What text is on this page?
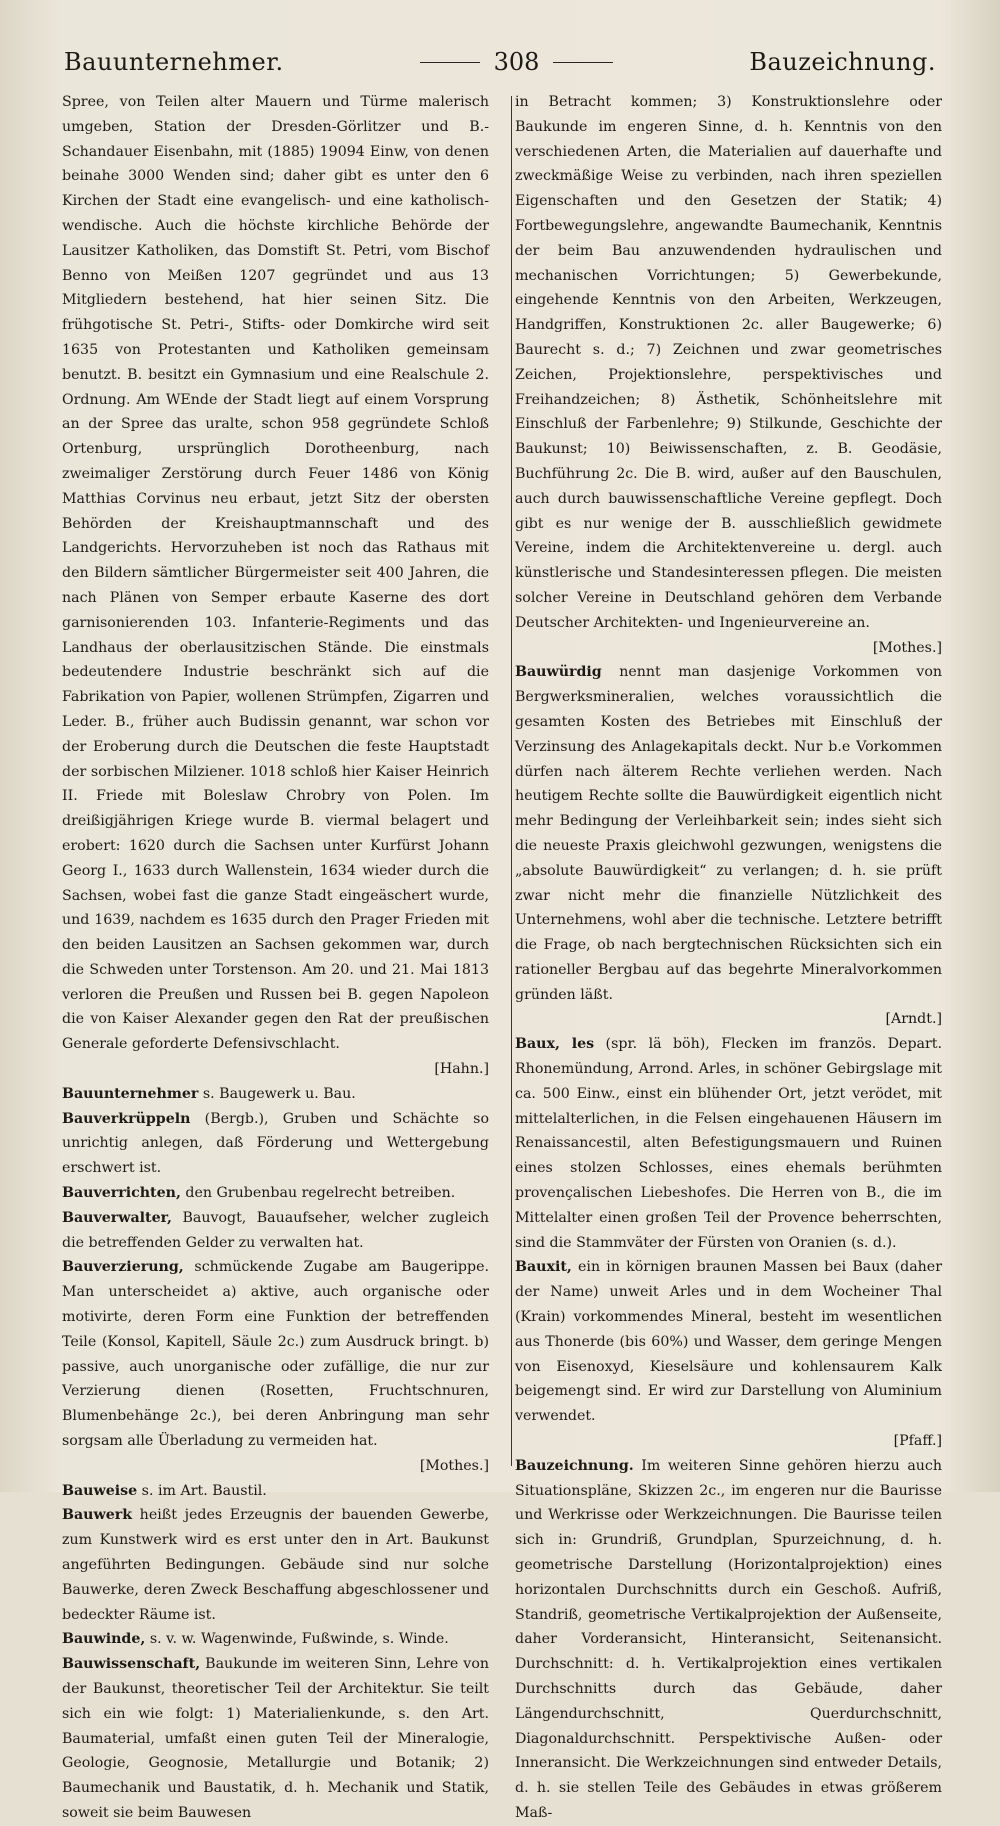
Bauunternehmer.	308	Bauzeichnung.

Spree, von Teilen alter Mauern und Türme malerisch umgeben, Station der Dresden-Görlitzer und B.-Schandauer Eisenbahn, mit (1885) 19094 Einw, von denen beinahe 3000 Wenden sind; daher gibt es unter den 6 Kirchen der Stadt eine evangelisch- und eine katholisch-wendische. Auch die höchste kirchliche Behörde der Lausitzer Katholiken, das Domstift St. Petri, vom Bischof Benno von Meißen 1207 gegründet und aus 13 Mitgliedern bestehend, hat hier seinen Sitz. Die frühgotische St. Petri-, Stifts- oder Domkirche wird seit 1635 von Protestanten und Katholiken gemeinsam benutzt. B. besitzt ein Gymnasium und eine Realschule 2. Ordnung. Am WEnde der Stadt liegt auf einem Vorsprung an der Spree das uralte, schon 958 gegründete Schloß Ortenburg, ursprünglich Dorotheenburg, nach zweimaliger Zerstörung durch Feuer 1486 von König Matthias Corvinus neu erbaut, jetzt Sitz der obersten Behörden der Kreishauptmannschaft und des Landgerichts. Hervorzuheben ist noch das Rathaus mit den Bildern sämtlicher Bürgermeister seit 400 Jahren, die nach Plänen von Semper erbaute Kaserne des dort garnisonierenden 103. Infanterie-Regiments und das Landhaus der oberlausitzischen Stände. Die einstmals bedeutendere Industrie beschränkt sich auf die Fabrikation von Papier, wollenen Strümpfen, Zigarren und Leder. B., früher auch Budissin genannt, war schon vor der Eroberung durch die Deutschen die feste Hauptstadt der sorbischen Milziener. 1018 schloß hier Kaiser Heinrich II. Friede mit Boleslaw Chrobry von Polen. Im dreißigjährigen Kriege wurde B. viermal belagert und erobert: 1620 durch die Sachsen unter Kurfürst Johann Georg I., 1633 durch Wallenstein, 1634 wieder durch die Sachsen, wobei fast die ganze Stadt eingeäschert wurde, und 1639, nachdem es 1635 durch den Prager Frieden mit den beiden Lausitzen an Sachsen gekommen war, durch die Schweden unter Torstenson. Am 20. und 21. Mai 1813 verloren die Preußen und Russen bei B. gegen Napoleon die von Kaiser Alexander gegen den Rat der preußischen Generale geforderte Defensivschlacht.
[Hahn.]

Bauunternehmer s. Baugewerk u. Bau.

Bauverkrüppeln (Bergb.), Gruben und Schächte so unrichtig anlegen, daß Förderung und Wettergebung erschwert ist.

Bauverrichten, den Grubenbau regelrecht betreiben.

Bauverwalter, Bauvogt, Bauaufseher, welcher zugleich die betreffenden Gelder zu verwalten hat.

Bauverzierung, schmückende Zugabe am Baugerippe. Man unterscheidet a) aktive, auch organische oder motivirte, deren Form eine Funktion der betreffenden Teile (Konsol, Kapitell, Säule 2c.) zum Ausdruck bringt. b) passive, auch unorganische oder zufällige, die nur zur Verzierung dienen (Rosetten, Fruchtschnuren, Blumenbehänge 2c.), bei deren Anbringung man sehr sorgsam alle Überladung zu vermeiden hat.
[Mothes.]

Bauweise s. im Art. Baustil.

Bauwerk heißt jedes Erzeugnis der bauenden Gewerbe, zum Kunstwerk wird es erst unter den in Art. Baukunst angeführten Bedingungen. Gebäude sind nur solche Bauwerke, deren Zweck Beschaffung abgeschlossener und bedeckter Räume ist.

Bauwinde, s. v. w. Wagenwinde, Fußwinde, s. Winde.

Bauwissenschaft, Baukunde im weiteren Sinn, Lehre von der Baukunst, theoretischer Teil der Architektur. Sie teilt sich ein wie folgt: 1) Materialienkunde, s. den Art. Baumaterial, umfaßt einen guten Teil der Mineralogie, Geologie, Geognosie, Metallurgie und Botanik; 2) Baumechanik und Baustatik, d. h. Mechanik und Statik, soweit sie beim Bauwesen

in Betracht kommen; 3) Konstruktionslehre oder Baukunde im engeren Sinne, d. h. Kenntnis von den verschiedenen Arten, die Materialien auf dauerhafte und zweckmäßige Weise zu verbinden, nach ihren speziellen Eigenschaften und den Gesetzen der Statik; 4) Fortbewegungslehre, angewandte Baumechanik, Kenntnis der beim Bau anzuwendenden hydraulischen und mechanischen Vorrichtungen; 5) Gewerbekunde, eingehende Kenntnis von den Arbeiten, Werkzeugen, Handgriffen, Konstruktionen 2c. aller Baugewerke; 6) Baurecht s. d.; 7) Zeichnen und zwar geometrisches Zeichen, Projektionslehre, perspektivisches und Freihandzeichen; 8) Ästhetik, Schönheitslehre mit Einschluß der Farbenlehre; 9) Stilkunde, Geschichte der Baukunst; 10) Beiwissenschaften, z. B. Geodäsie, Buchführung 2c. Die B. wird, außer auf den Bauschulen, auch durch bauwissenschaftliche Vereine gepflegt. Doch gibt es nur wenige der B. ausschließlich gewidmete Vereine, indem die Architektenvereine u. dergl. auch künstlerische und Standesinteressen pflegen. Die meisten solcher Vereine in Deutschland gehören dem Verbande Deutscher Architekten- und Ingenieurvereine an.
[Mothes.]

Bauwürdig nennt man dasjenige Vorkommen von Bergwerksmineralien, welches voraussichtlich die gesamten Kosten des Betriebes mit Einschluß der Verzinsung des Anlagekapitals deckt. Nur b.e Vorkommen dürfen nach älterem Rechte verliehen werden. Nach heutigem Rechte sollte die Bauwürdigkeit eigentlich nicht mehr Bedingung der Verleihbarkeit sein; indes sieht sich die neueste Praxis gleichwohl gezwungen, wenigstens die „absolute Bauwürdigkeit“ zu verlangen; d. h. sie prüft zwar nicht mehr die finanzielle Nützlichkeit des Unternehmens, wohl aber die technische. Letztere betrifft die Frage, ob nach bergtechnischen Rücksichten sich ein rationeller Bergbau auf das begehrte Mineralvorkommen gründen läßt.
[Arndt.]

Baux, les (spr. lä böh), Flecken im französ. Depart. Rhonemündung, Arrond. Arles, in schöner Gebirgslage mit ca. 500 Einw., einst ein blühender Ort, jetzt verödet, mit mittelalterlichen, in die Felsen eingehauenen Häusern im Renaissancestil, alten Befestigungsmauern und Ruinen eines stolzen Schlosses, eines ehemals berühmten provençalischen Liebeshofes. Die Herren von B., die im Mittelalter einen großen Teil der Provence beherrschten, sind die Stammväter der Fürsten von Oranien (s. d.).

Bauxit, ein in körnigen braunen Massen bei Baux (daher der Name) unweit Arles und in dem Wocheiner Thal (Krain) vorkommendes Mineral, besteht im wesentlichen aus Thonerde (bis 60%) und Wasser, dem geringe Mengen von Eisenoxyd, Kieselsäure und kohlensaurem Kalk beigemengt sind. Er wird zur Darstellung von Aluminium verwendet.
[Pfaff.]

Bauzeichnung. Im weiteren Sinne gehören hierzu auch Situationspläne, Skizzen 2c., im engeren nur die Baurisse und Werkrisse oder Werkzeichnungen. Die Baurisse teilen sich in: Grundriß, Grundplan, Spurzeichnung, d. h. geometrische Darstellung (Horizontalprojektion) eines horizontalen Durchschnitts durch ein Geschoß. Aufriß, Standriß, geometrische Vertikalprojektion der Außenseite, daher Vorderansicht, Hinteransicht, Seitenansicht. Durchschnitt: d. h. Vertikalprojektion eines vertikalen Durchschnitts durch das Gebäude, daher Längendurchschnitt, Querdurchschnitt, Diagonaldurchschnitt. Perspektivische Außen- oder Inneransicht. Die Werkzeichnungen sind entweder Details, d. h. sie stellen Teile des Gebäudes in etwas größerem Maß-
